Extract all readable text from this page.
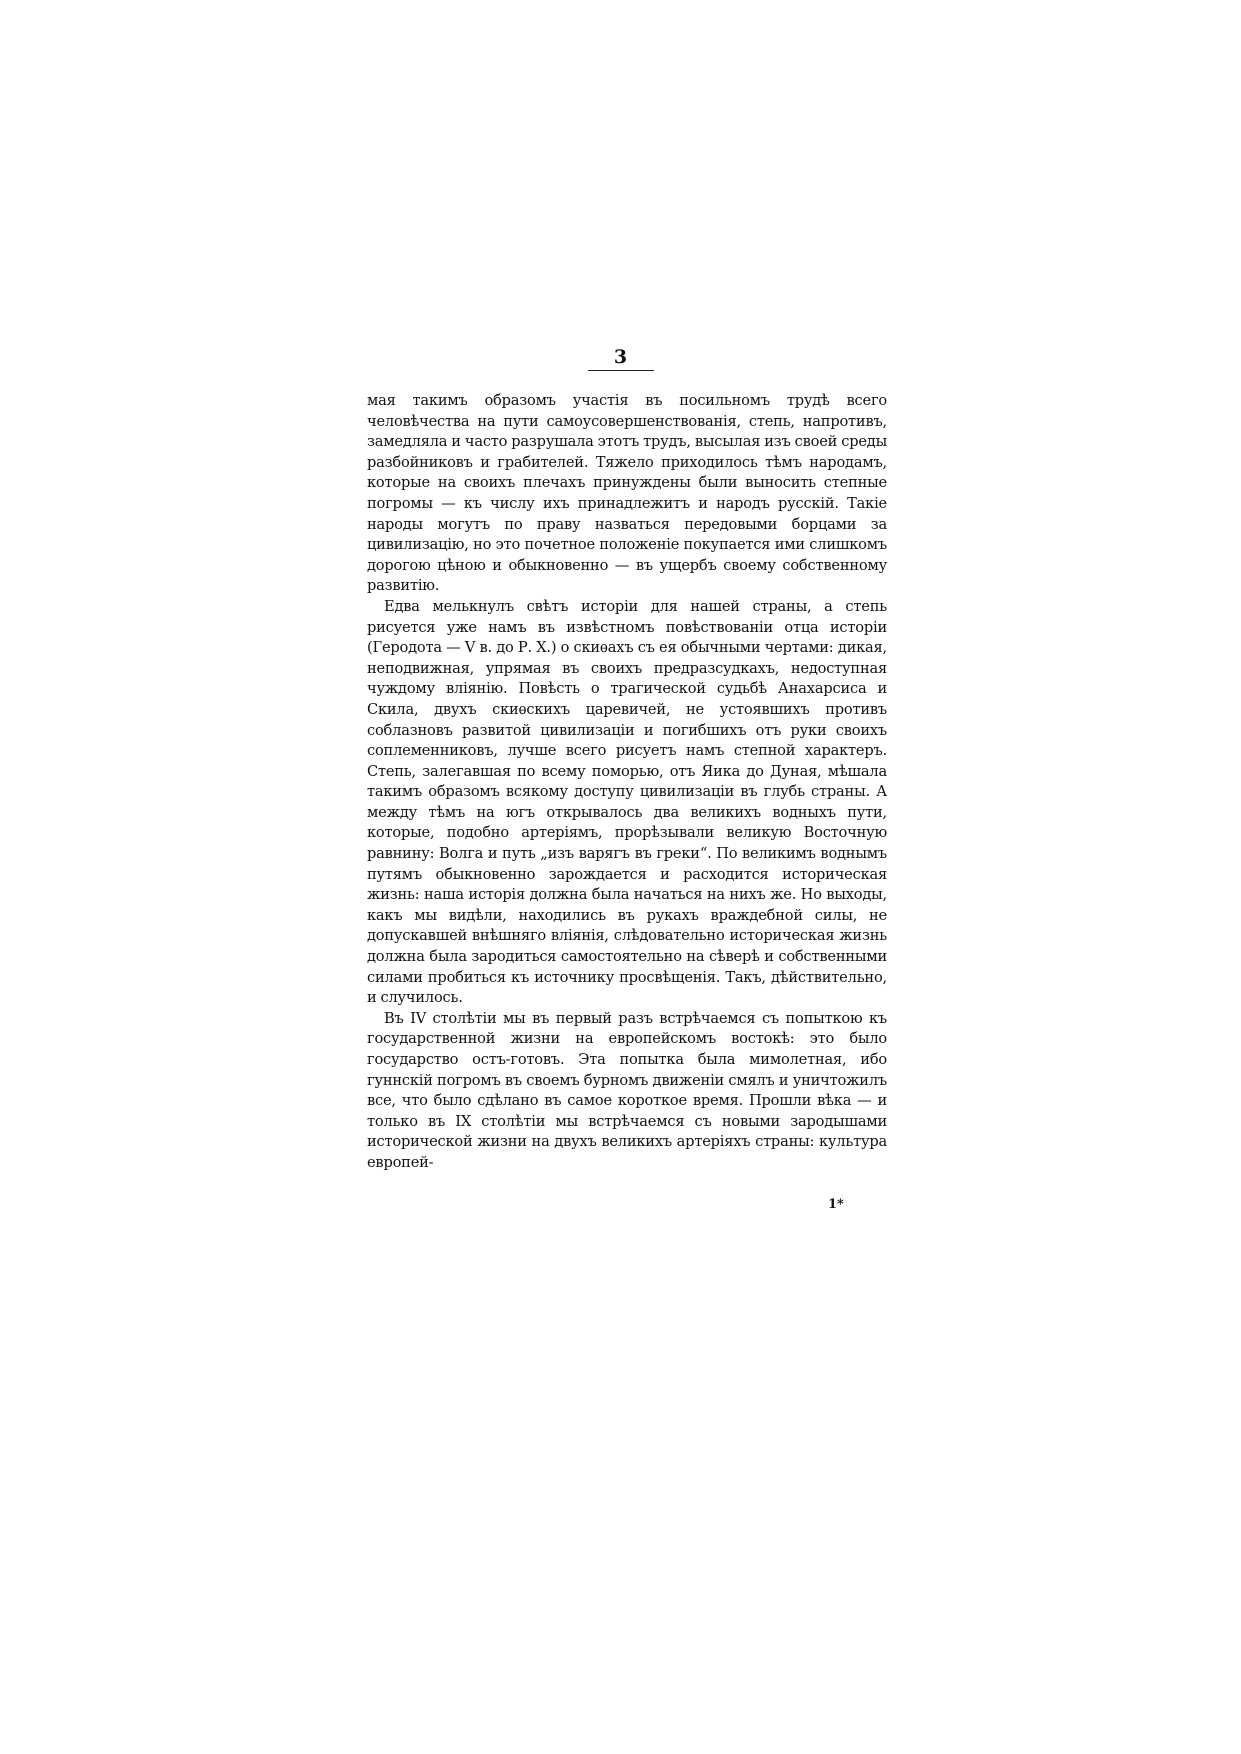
3

мая такимъ образомъ участія въ посильномъ трудѣ всего человѣчества на пути самоусовершенствованія, степь, напротивъ, замедляла и часто разрушала этотъ трудъ, высылая изъ своей среды разбойниковъ и грабителей. Тяжело приходилось тѣмъ народамъ, которые на своихъ плечахъ принуждены были выносить степные погромы — къ числу ихъ принадлежитъ и народъ русскій. Такіе народы могутъ по праву назваться передовыми борцами за цивилизацію, но это почетное положеніе покупается ими слишкомъ дорогою цѣною и обыкновенно — въ ущербъ своему собственному развитію.

Едва мелькнулъ свѣтъ исторіи для нашей страны, а степь рисуется уже намъ въ извѣстномъ повѣствованіи отца исторіи (Геродота — V в. до Р. Х.) о скиѳахъ съ ея обычными чертами: дикая, неподвижная, упрямая въ своихъ предразсудкахъ, недоступная чуждому вліянію. Повѣсть о трагической судьбѣ Анахарсиса и Скила, двухъ скиѳскихъ царевичей, не устоявшихъ противъ соблазновъ развитой цивилизаціи и погибшихъ отъ руки своихъ соплеменниковъ, лучше всего рисуетъ намъ степной характеръ. Степь, залегавшая по всему поморью, отъ Яика до Дуная, мѣшала такимъ образомъ всякому доступу цивилизаціи въ глубь страны. А между тѣмъ на югъ открывалось два великихъ водныхъ пути, которые, подобно артеріямъ, прорѣзывали великую Восточную равнину: Волга и путь „изъ варягъ въ греки“. По великимъ воднымъ путямъ обыкновенно зарождается и расходится историческая жизнь: наша исторія должна была начаться на нихъ же. Но выходы, какъ мы видѣли, находились въ рукахъ враждебной силы, не допускавшей внѣшняго вліянія, слѣдовательно историческая жизнь должна была зародиться самостоятельно на сѣверѣ и собственными силами пробиться къ источнику просвѣщенія. Такъ, дѣйствительно, и случилось.

Въ IV столѣтіи мы въ первый разъ встрѣчаемся съ попыткою къ государственной жизни на европейскомъ востокѣ: это было государство остъ-готовъ. Эта попытка была мимолетная, ибо гуннскій погромъ въ своемъ бурномъ движеніи смялъ и уничтожилъ все, что было сдѣлано въ самое короткое время. Прошли вѣка — и только въ IX столѣтіи мы встрѣчаемся съ новыми зародышами исторической жизни на двухъ великихъ артеріяхъ страны: культура европей-

1*
